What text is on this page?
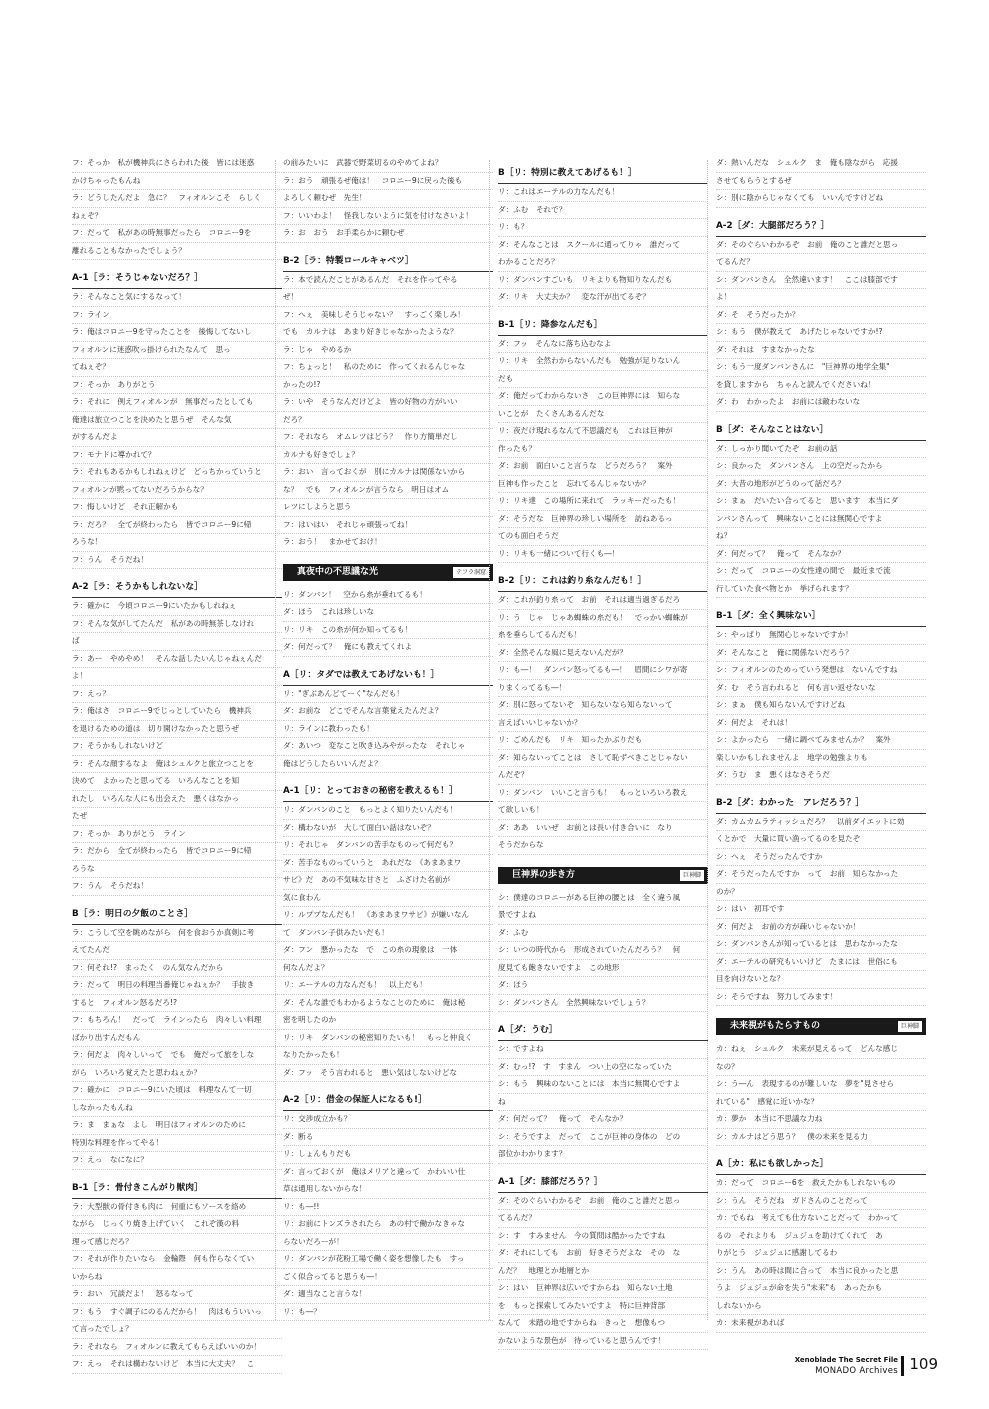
フ：そっか　私が機神兵にさらわれた後　皆には迷惑
かけちゃったもんね
ラ：どうしたんだよ　急に？　フィオルンこそ　らしく
ねぇぞ？
フ：だって　私があの時無事だったら　コロニー9を
離れることもなかったでしょう？
A-1［ラ：そうじゃないだろ？］
ラ：そんなこと気にするなって！
フ：ライン
ラ：俺はコロニー9を守ったことを　後悔してないし
フィオルンに迷惑吹っ掛けられたなんて　思っ
てねぇぞ？
フ：そっか　ありがとう
ラ：それに　例えフィオルンが　無事だったとしても
俺達は旅立つことを決めたと思うぜ　そんな気
がするんだよ
フ：モナドに導かれて？
ラ：それもあるかもしれねぇけど　どっちかっていうと
フィオルンが黙ってないだろうからな？
フ：悔しいけど　それ正解かも
ラ：だろ？　全てが終わったら　皆でコロニー9に帰
ろうな！
フ：うん　そうだね！
A-2［ラ：そうかもしれないな］
ラ：確かに　今頃コロニー9にいたかもしれねぇ
フ：そんな気がしてたんだ　私があの時無茶しなけれ
ば
ラ：あー　やめやめ！　そんな話したいんじゃねぇんだ
よ！
フ：えっ？
ラ：俺はさ　コロニー9でじっとしていたら　機神兵
を退けるための道は　切り開けなかったと思うぜ
フ：そうかもしれないけど
ラ：そんな顔するなよ　俺はシュルクと旅立つことを
決めて　よかったと思ってる　いろんなことを知
れたし　いろんな人にも出会えた　悪くはなかっ
たぜ
フ：そっか　ありがとう　ライン
ラ：だから　全てが終わったら　皆でコロニー9に帰
ろうな
フ：うん　そうだね！
B［ラ：明日の夕飯のことさ］
ラ：こうして空を眺めながら　何を食おうか真剣に考
えてたんだ
フ：何それ!?　まったく　のん気なんだから
ラ：だって　明日の料理当番俺じゃねぇか？　手抜き
すると　フィオルン怒るだろ!?
フ：もちろん！　だって　ラインったら　肉々しい料理
ばかり出すんだもん
ラ：何だよ　肉々しいって　でも　俺だって旅をしな
がら　いろいろ覚えたと思わねぇか？
フ：確かに　コロニー9にいた頃は　料理なんて一切
しなかったもんね
ラ：ま　まぁな　よし　明日はフィオルンのために
特別な料理を作ってやる！
フ：えっ　なになに？
B-1［ラ：骨付きこんがり獣肉］
ラ：大型獣の骨付きも肉に　何重にもソースを絡め
ながら　じっくり焼き上げていく　これぞ漢の料
理って感じだろ？
フ：それが作りたいなら　金輪際　何も作らなくてい
いからね
ラ：おい　冗談だよ！　怒るなって
フ：もう　すぐ調子にのるんだから！　肉はもういいっ
て言ったでしょ？
ラ：それなら　フィオルンに教えてもらえばいいのか！
フ：えっ　それは構わないけど　本当に大丈夫？　こ
の前みたいに　武器で野菜切るのやめてよね？
ラ：おう　頑張るぜ俺は！　コロニー9に戻った後も
よろしく頼むぜ　先生！
フ：いいわよ！　怪我しないように気を付けなさいよ！
ラ：お　おう　お手柔らかに頼むぜ
B-2［ラ：特製ロールキャベツ］
ラ：本で読んだことがあるんだ　それを作ってやる
ぜ！
フ：へぇ　美味しそうじゃない？　すっごく楽しみ！
でも　カルナは　あまり好きじゃなかったような？
ラ：じゃ　やめるか
フ：ちょっと！　私のために　作ってくれるんじゃな
かったの!?
ラ：いや　そうなんだけどよ　皆の好物の方がいい
だろ？
フ：それなら　オムレツはどう？　作り方簡単だし
カルナも好きでしょ？
ラ：おい　言っておくが　別にカルナは関係ないから
な？　でも　フィオルンが言うなら　明日はオム
レツにしようと思う
フ：はいはい　それじゃ頑張ってね！
ラ：おう！　まかせておけ！
真夜中の不思議な光	テフラ洞窟
リ：ダンバン！　空から糸が垂れてるも！
ダ：ほう　これは珍しいな
リ：リキ　この糸が何か知ってるも！
ダ：何だって？　俺にも教えてくれよ
A［リ：タダでは教えてあげないも！］
リ："ぎぶあんどてーく"なんだも！
ダ：お前な　どこでそんな言葉覚えたんだよ？
リ：ラインに教わったも！
ダ：あいつ　変なこと吹き込みやがったな　それじゃ
俺はどうしたらいいんだよ？
A-1［リ：とっておきの秘密を教えるも！］
リ：ダンバンのこと　もっとよく知りたいんだも！
ダ：構わないが　大して面白い話はないぞ？
リ：それじゃ　ダンバンの苦手なものって何だも？
ダ：苦手なものっていうと　あれだな　《あまあまワ
サビ》だ　あの不気味な甘さと　ふざけた名前が
気に食わん
リ：ルププなんだも！　《あまあまワサビ》が嫌いなん
て　ダンバン子供みたいだも！
ダ：フン　悪かったな　で　この糸の現象は　一体
何なんだよ？
リ：エーテルの力なんだも！　以上だも！
ダ：そんな誰でもわかるようなことのために　俺は秘
密を明したのか
リ：リキ　ダンバンの秘密知りたいも！　もっと仲良く
なりたかったも！
ダ：フッ　そう言われると　悪い気はしないけどな
A-2［リ：借金の保証人になるも!］
リ：交渉成立かも？
ダ：断る
リ：しょんもりだも
ダ：言っておくが　俺はメリアと違って　かわいい仕
草は通用しないからな！
リ：も―!!
リ：お前にトンズラされたら　あの村で働かなきゃな
らないだろーが！
リ：ダンバンが花粉工場で働く姿を想像したも　すっ
ごく似合ってると思うも―！
ダ：適当なこと言うな！
リ：も―？
B［リ：特別に教えてあげるも！］
リ：これはエーテルの力なんだも！
ダ：ふむ　それで？
リ：も？
ダ：そんなことは　スクールに通ってりゃ　誰だって
わかることだろ？
リ：ダンバンすごいも　リキよりも物知りなんだも
ダ：リキ　大丈夫か？　変な汗が出てるぞ？
B-1［リ：降参なんだも］
ダ：フッ　そんなに落ち込むなよ
リ：リキ　全然わからないんだも　勉強が足りないん
だも
ダ：俺だってわからないさ　この巨神界には　知らな
いことが　たくさんあるんだな
リ：夜だけ現れるなんて不思議だも　これは巨神が
作ったも？
ダ：お前　面白いこと言うな　どうだろう？　案外
巨神も作ったこと　忘れてるんじゃないか？
リ：リキ達　この場所に来れて　ラッキーだったも！
ダ：そうだな　巨神界の珍しい場所を　訪ねあるっ
てのも面白そうだ
リ：リキも一緒について行くも―！
B-2［リ：これは釣り糸なんだも！］
ダ：これが釣り糸って　お前　それは適当過ぎるだろ
リ：う　じゃ　じゃあ蜘蛛の糸だも！　でっかい蜘蛛が
糸を垂らしてるんだも！
ダ：全然そんな風に見えないんだが？
リ：も―！　ダンバン怒ってるも―！　眉間にシワが寄
りまくってるも―！
ダ：別に怒ってないぞ　知らないなら知らないって
言えばいいじゃないか？
リ：ごめんだも　リキ　知ったかぶりだも
ダ：知らないってことは　さして恥ずべきことじゃない
んだぞ？
リ：ダンバン　いいこと言うも！　もっといろいろ教え
て欲しいも！
ダ：ああ　いいぜ　お前とは長い付き合いに　なり
そうだからな
巨神界の歩き方	巨神脚
シ：僕達のコロニーがある巨神の腰とは　全く違う風
景ですよね
ダ：ふむ
シ：いつの時代から　形成されていたんだろう？　何
度見ても飽きないですよ　この地形
ダ：ほう
シ：ダンバンさん　全然興味ないでしょう？
A［ダ：うむ］
シ：ですよね
ダ：むっ!?　す　すまん　つい上の空になっていた
シ：もう　興味のないことには　本当に無関心ですよ
ね
ダ：何だって？　俺って　そんなか？
シ：そうですよ　だって　ここが巨神の身体の　どの
部位かわかります？
A-1［ダ：膝部だろう？］
ダ：そのぐらいわかるぞ　お前　俺のこと誰だと思っ
てるんだ？
シ：す　すみません　今の質問は酷かったですね
ダ：それにしても　お前　好きそうだよな　その　な
んだ？　地理とか地層とか
シ：はい　巨神界は広いですからね　知らない土地
を　もっと探索してみたいですよ　特に巨神背部
なんて　未踏の地ですからね　きっと　想像もつ
かないような景色が　待っていると思うんです！
ダ：熱いんだな　シュルク　ま　俺も陰ながら　応援
させてもらうとするぜ
シ：別に陰からじゃなくても　いいんですけどね
A-2［ダ：大腿部だろう？］
ダ：そのぐらいわかるぞ　お前　俺のこと誰だと思っ
てるんだ？
シ：ダンバンさん　全然違います！　ここは膝部です
よ！
ダ：そ　そうだったか？
シ：もう　僕が教えて　あげたじゃないですか!?
ダ：それは　すまなかったな
シ：もう一度ダンバンさんに　"巨神界の地学全集"
を貸しますから　ちゃんと読んでくださいね！
ダ：わ　わかったよ　お前には敵わないな
B［ダ：そんなことはない］
ダ：しっかり聞いてたぞ　お前の話
シ：良かった　ダンバンさん　上の空だったから
ダ：大昔の地形がどうのって話だろ？
シ：まぁ　だいたい合ってると　思います　本当にダ
ンバンさんって　興味ないことには無関心ですよ
ね？
ダ：何だって？　俺って　そんなか？
シ：だって　コロニーの女性達の間で　最近まで流
行していた食べ物とか　挙げられます？
B-1［ダ：全く興味ない］
シ：やっぱり　無関心じゃないですか！
ダ：そんなこと　俺に関係ないだろう？
シ：フィオルンのためっていう発想は　ないんですね
ダ：む　そう言われると　何も言い返せないな
シ：まぁ　僕も知らないんですけどね
ダ：何だよ　それは！
シ：よかったら　一緒に調べてみませんか？　案外
楽しいかもしれませんよ　地学の勉強よりも
ダ：うむ　ま　悪くはなさそうだ
B-2［ダ：わかった　アレだろう？］
ダ：カムカムラティッシュだろ？　以前ダイエットに効
くとかで　大量に買い漁ってるのを見たぞ
シ：へぇ　そうだったんですか
ダ：そうだったんですか　って　お前　知らなかった
のか？
シ：はい　初耳です
ダ：何だよ　お前の方が疎いじゃないか！
シ：ダンバンさんが知っているとは　思わなかったな
ダ：エーテルの研究もいいけど　たまには　世俗にも
目を向けないとな？
シ：そうですね　努力してみます！
未来視がもたらすもの	巨神脚
カ：ねぇ　シュルク　未来が見えるって　どんな感じ
なの？
シ：う―ん　表現するのが難しいな　夢を"見させら
れている"　感覚に近いかな？
カ：夢か　本当に不思議な力ね
シ：カルナはどう思う？　僕の未来を見る力
A［カ：私にも欲しかった］
カ：だって　コロニー6を　救えたかもしれないもの
シ：うん　そうだね　ガドさんのことだって
カ：でもね　考えても仕方ないことだって　わかって
るの　それよりも　ジュジュを助けてくれて　あ
りがとう　ジュジュに感謝してるわ
シ：うん　あの時は間に合って　本当に良かったと思
うよ　ジュジュが命を失う"未来"も　あったかも
しれないから
カ：未来視があれば
Xenoblade The Secret File
MONADO Archives 109
